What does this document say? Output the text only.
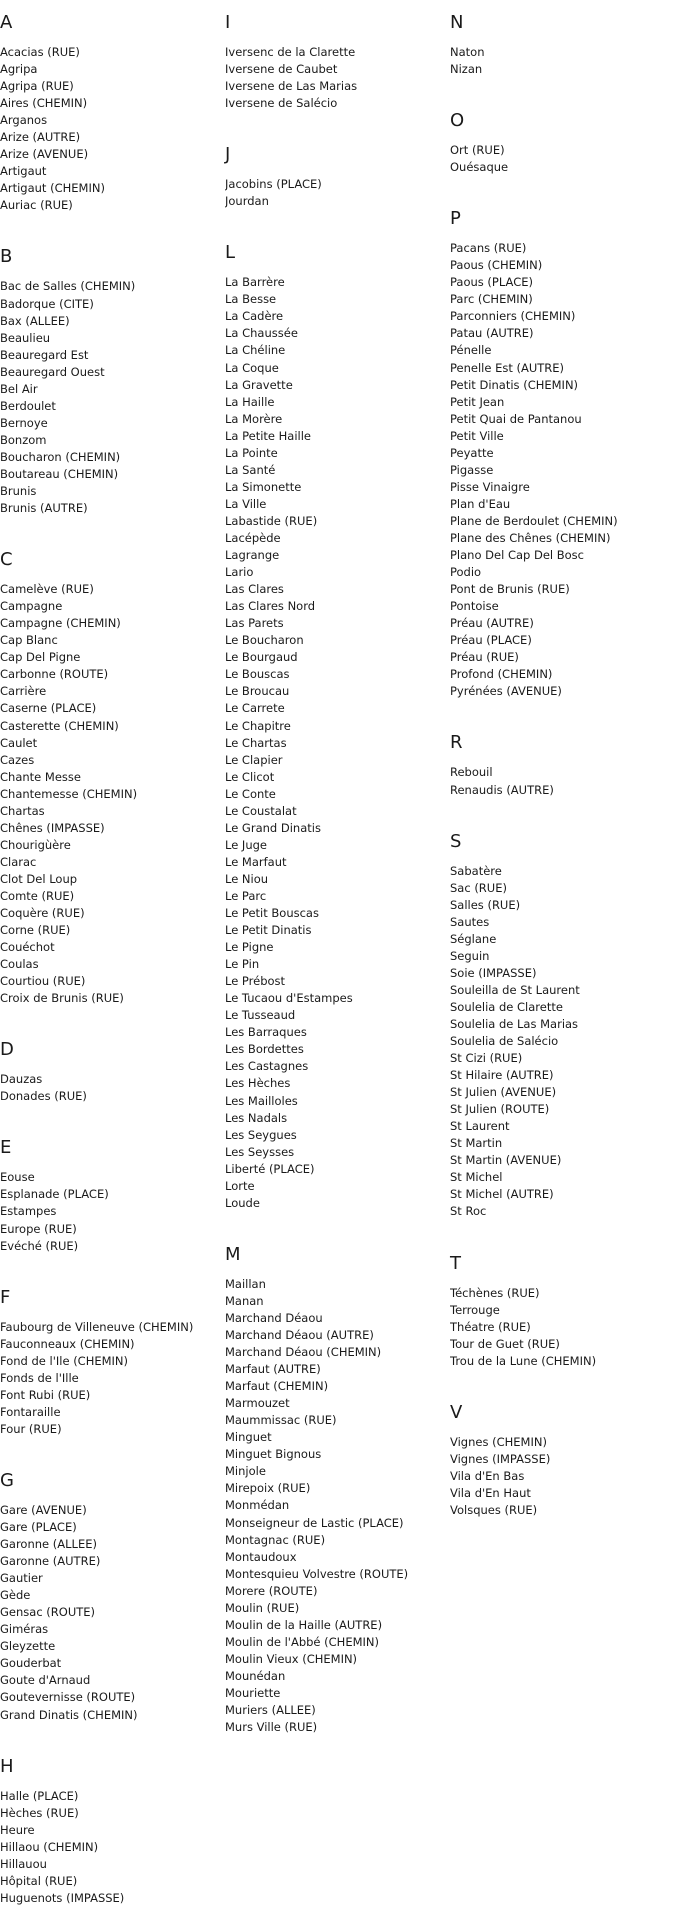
A
Acacias (RUE)
Agripa
Agripa (RUE)
Aires (CHEMIN)
Arganos
Arize (AUTRE)
Arize (AVENUE)
Artigaut
Artigaut (CHEMIN)
Auriac (RUE)
B
Bac de Salles (CHEMIN)
Badorque (CITE)
Bax (ALLEE)
Beaulieu
Beauregard Est
Beauregard Ouest
Bel Air
Berdoulet
Bernoye
Bonzom
Boucharon (CHEMIN)
Boutareau (CHEMIN)
Brunis
Brunis (AUTRE)
C
Camelève (RUE)
Campagne
Campagne (CHEMIN)
Cap Blanc
Cap Del Pigne
Carbonne (ROUTE)
Carrière
Caserne (PLACE)
Casterette (CHEMIN)
Caulet
Cazes
Chante Messe
Chantemesse (CHEMIN)
Chartas
Chênes (IMPASSE)
Chourigùère
Clarac
Clot Del Loup
Comte (RUE)
Coquère (RUE)
Corne (RUE)
Couéchot
Coulas
Courtiou (RUE)
Croix de Brunis (RUE)
D
Dauzas
Donades (RUE)
E
Eouse
Esplanade (PLACE)
Estampes
Europe (RUE)
Evéché (RUE)
F
Faubourg de Villeneuve (CHEMIN)
Fauconneaux (CHEMIN)
Fond de l'Ile (CHEMIN)
Fonds de l'Ille
Font Rubi (RUE)
Fontaraille
Four (RUE)
G
Gare (AVENUE)
Gare (PLACE)
Garonne (ALLEE)
Garonne (AUTRE)
Gautier
Gède
Gensac (ROUTE)
Giméras
Gleyzette
Gouderbat
Goute d'Arnaud
Goutevernisse (ROUTE)
Grand Dinatis (CHEMIN)
H
Halle (PLACE)
Hèches (RUE)
Heure
Hillaou (CHEMIN)
Hillauou
Hôpital (RUE)
Huguenots (IMPASSE)
I
Iversenc de la Clarette
Iversene de Caubet
Iversene de Las Marias
Iversene de Salécio
J
Jacobins (PLACE)
Jourdan
L
La Barrère
La Besse
La Cadère
La Chaussée
La Chéline
La Coque
La Gravette
La Haille
La Morère
La Petite Haille
La Pointe
La Santé
La Simonette
La Ville
Labastide (RUE)
Lacépède
Lagrange
Lario
Las Clares
Las Clares Nord
Las Parets
Le Boucharon
Le Bourgaud
Le Bouscas
Le Broucau
Le Carrete
Le Chapitre
Le Chartas
Le Clapier
Le Clicot
Le Conte
Le Coustalat
Le Grand Dinatis
Le Juge
Le Marfaut
Le Niou
Le Parc
Le Petit Bouscas
Le Petit Dinatis
Le Pigne
Le Pin
Le Prébost
Le Tucaou d'Estampes
Le Tusseaud
Les Barraques
Les Bordettes
Les Castagnes
Les Hèches
Les Mailloles
Les Nadals
Les Seygues
Les Seysses
Liberté (PLACE)
Lorte
Loude
M
Maillan
Manan
Marchand Déaou
Marchand Déaou (AUTRE)
Marchand Déaou (CHEMIN)
Marfaut (AUTRE)
Marfaut (CHEMIN)
Marmouzet
Maummissac (RUE)
Minguet
Minguet Bignous
Minjole
Mirepoix (RUE)
Monmédan
Monseigneur de Lastic (PLACE)
Montagnac (RUE)
Montaudoux
Montesquieu Volvestre (ROUTE)
Morere (ROUTE)
Moulin (RUE)
Moulin de la Haille (AUTRE)
Moulin de l'Abbé (CHEMIN)
Moulin Vieux (CHEMIN)
Mounédan
Mouriette
Muriers (ALLEE)
Murs Ville (RUE)
N
Naton
Nizan
O
Ort (RUE)
Ouésaque
P
Pacans (RUE)
Paous (CHEMIN)
Paous (PLACE)
Parc (CHEMIN)
Parconniers (CHEMIN)
Patau (AUTRE)
Pénelle
Penelle Est (AUTRE)
Petit Dinatis (CHEMIN)
Petit Jean
Petit Quai de Pantanou
Petit Ville
Peyatte
Pigasse
Pisse Vinaigre
Plan d'Eau
Plane de Berdoulet (CHEMIN)
Plane des Chênes (CHEMIN)
Plano Del Cap Del Bosc
Podio
Pont de Brunis (RUE)
Pontoise
Préau (AUTRE)
Préau (PLACE)
Préau (RUE)
Profond (CHEMIN)
Pyrénées (AVENUE)
R
Rebouil
Renaudis (AUTRE)
S
Sabatère
Sac (RUE)
Salles (RUE)
Sautes
Séglane
Seguin
Soie (IMPASSE)
Souleilla de St Laurent
Soulelia de Clarette
Soulelia de Las Marias
Soulelia de Salécio
St Cizi (RUE)
St Hilaire (AUTRE)
St Julien (AVENUE)
St Julien (ROUTE)
St Laurent
St Martin
St Martin (AVENUE)
St Michel
St Michel (AUTRE)
St Roc
T
Téchènes (RUE)
Terrouge
Théatre (RUE)
Tour de Guet (RUE)
Trou de la Lune (CHEMIN)
V
Vignes (CHEMIN)
Vignes (IMPASSE)
Vila d'En Bas
Vila d'En Haut
Volsques (RUE)
